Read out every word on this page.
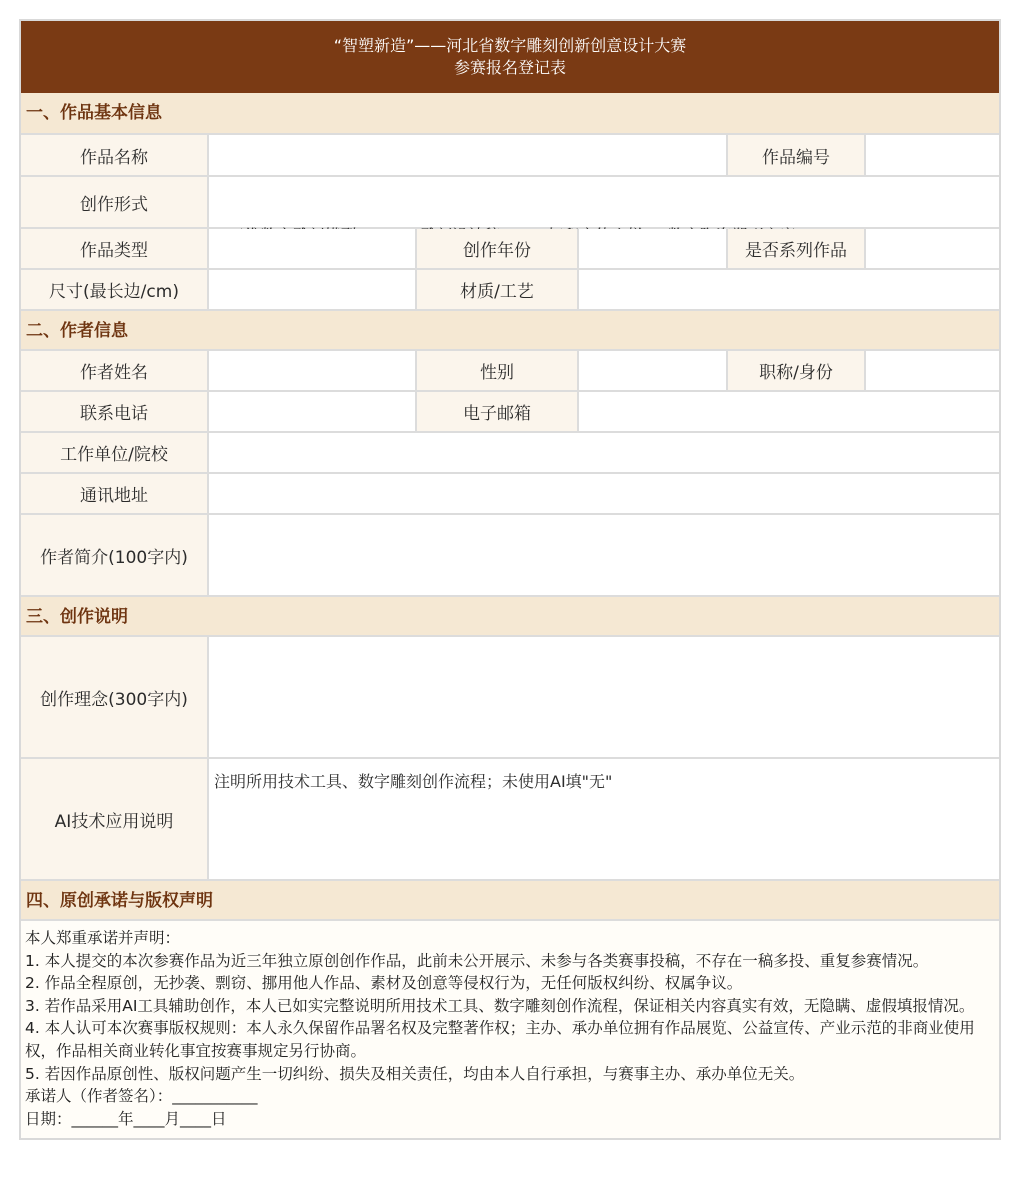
“智塑新造”——河北省数字雕刻创新创意设计大赛
参赛报名登记表
一、作品基本信息
作品名称	作品编号
创作形式

作品类型	创作年份	是否系列作品
尺寸(最长边/cm)	材质/工艺
二、作者信息
作者姓名	性别	职称/身份
联系电话	电子邮箱
工作单位/院校
通讯地址
作者简介(100字内)
三、创作说明
创作理念(300字内)
AI技术应用说明
注明所用技术工具、数字雕刻创作流程；未使用AI填"无"
四、原创承诺与版权声明
本人郑重承诺并声明：
1. 本人提交的本次参赛作品为近三年独立原创创作作品，此前未公开展示、未参与各类赛事投稿，不存在一稿多投、重复参赛情况。
2. 作品全程原创，无抄袭、剽窃、挪用他人作品、素材及创意等侵权行为，无任何版权纠纷、权属争议。
3. 若作品采用AI工具辅助创作，本人已如实完整说明所用技术工具、数字雕刻创作流程，保证相关内容真实有效，无隐瞒、虚假填报情况。
4. 本人认可本次赛事版权规则：本人永久保留作品署名权及完整著作权；主办、承办单位拥有作品展览、公益宣传、产业示范的非商业使用权，作品相关商业转化事宜按赛事规定另行协商。
5. 若因作品原创性、版权问题产生一切纠纷、损失及相关责任，均由本人自行承担，与赛事主办、承办单位无关。
承诺人（作者签名）：___________
日期：______年____月____日
